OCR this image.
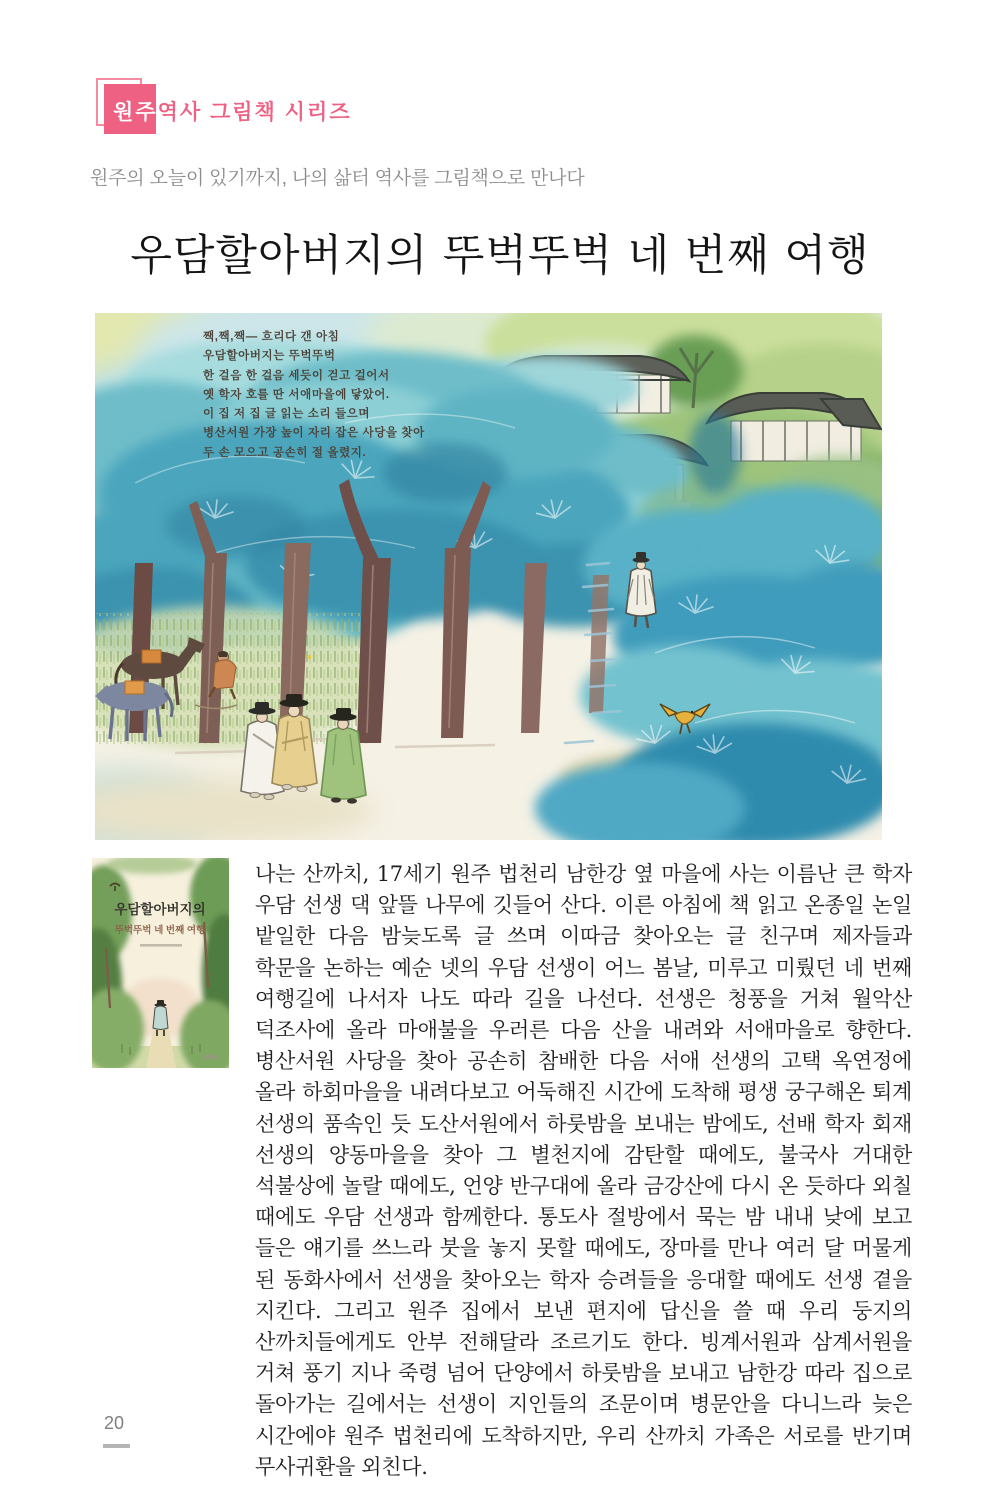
원주역사 그림책 시리즈
원주의 오늘이 있기까지, 나의 삶터 역사를 그림책으로 만나다
우담할아버지의 뚜벅뚜벅 네 번째 여행
짹,짹,짹— 흐리다 갠 아침
우담할아버지는 뚜벅뚜벅
한 걸음 한 걸음 세듯이 걷고 걸어서
옛 학자 호를 딴 서애마을에 닿았어.
이 집 저 집 글 읽는 소리 들으며
병산서원 가장 높이 자리 잡은 사당을 찾아
두 손 모으고 공손히 절 올렸지.
우담할아버지의
뚜벅뚜벅 네 번째 여행

나는 산까치, 17세기 원주 법천리 남한강 옆 마을에 사는 이름난 큰 학자 우담 선생 댁 앞뜰 나무에 깃들어 산다. 이른 아침에 책 읽고 온종일 논일 밭일한 다음 밤늦도록 글 쓰며 이따금 찾아오는 글 친구며 제자들과 학문을 논하는 예순 넷의 우담 선생이 어느 봄날, 미루고 미뤘던 네 번째 여행길에 나서자 나도 따라 길을 나선다. 선생은 청풍을 거쳐 월악산 덕조사에 올라 마애불을 우러른 다음 산을 내려와 서애마을로 향한다. 병산서원 사당을 찾아 공손히 참배한 다음 서애 선생의 고택 옥연정에 올라 하회마을을 내려다보고 어둑해진 시간에 도착해 평생 궁구해온 퇴계 선생의 품속인 듯 도산서원에서 하룻밤을 보내는 밤에도, 선배 학자 회재 선생의 양동마을을 찾아 그 별천지에 감탄할 때에도, 불국사 거대한 석불상에 놀랄 때에도, 언양 반구대에 올라 금강산에 다시 온 듯하다 외칠 때에도 우담 선생과 함께한다. 통도사 절방에서 묵는 밤 내내 낮에 보고 들은 얘기를 쓰느라 붓을 놓지 못할 때에도, 장마를 만나 여러 달 머물게 된 동화사에서 선생을 찾아오는 학자 승려들을 응대할 때에도 선생 곁을 지킨다. 그리고 원주 집에서 보낸 편지에 답신을 쓸 때 우리 둥지의 산까치들에게도 안부 전해달라 조르기도 한다. 빙계서원과 삼계서원을 거쳐 풍기 지나 죽령 넘어 단양에서 하룻밤을 보내고 남한강 따라 집으로 돌아가는 길에서는 선생이 지인들의 조문이며 병문안을 다니느라 늦은 시간에야 원주 법천리에 도착하지만, 우리 산까치 가족은 서로를 반기며 무사귀환을 외친다.

20
